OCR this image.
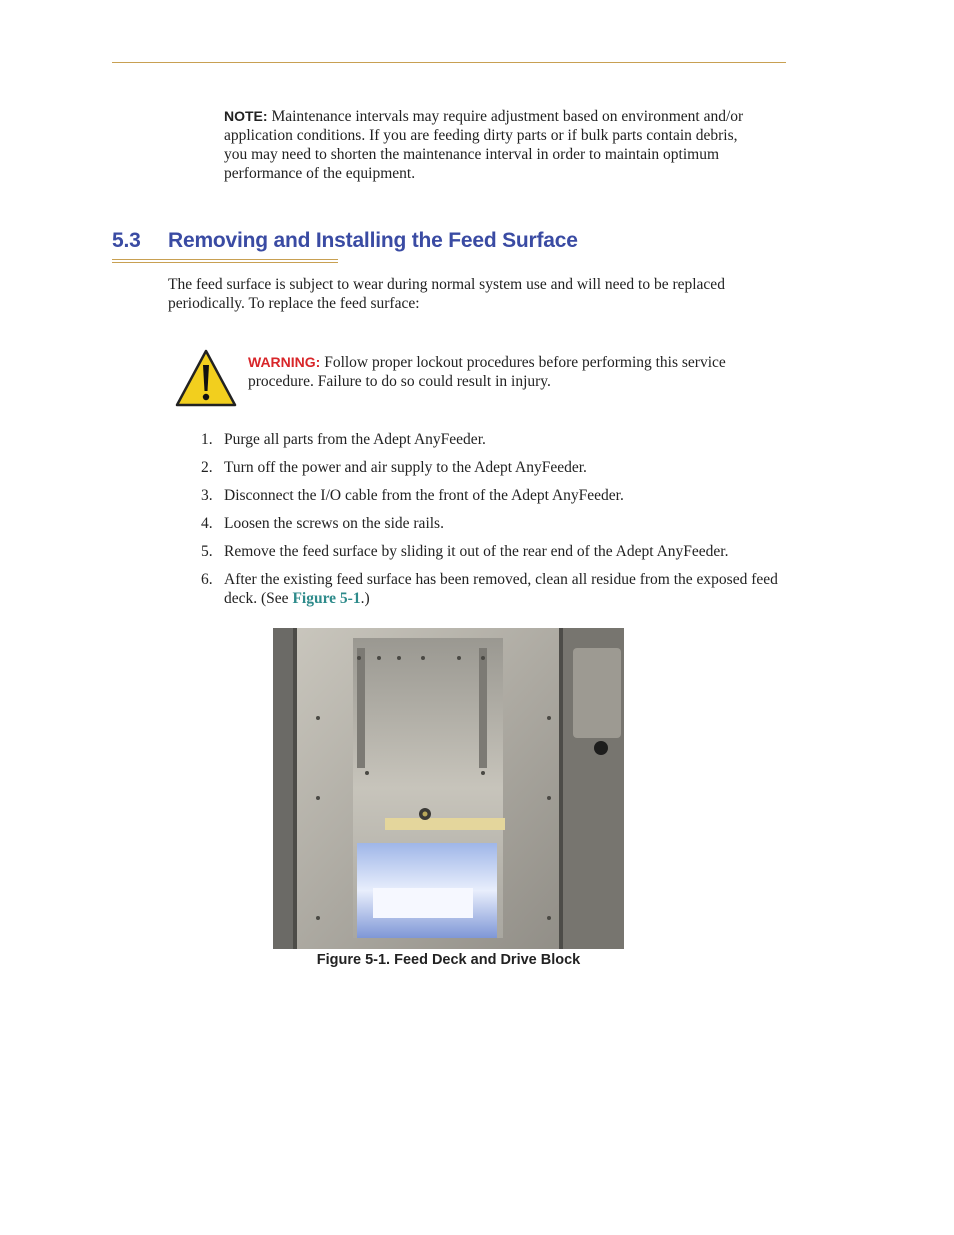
NOTE: Maintenance intervals may require adjustment based on environment and/or application conditions. If you are feeding dirty parts or if bulk parts contain debris, you may need to shorten the maintenance interval in order to maintain optimum performance of the equipment.
5.3 Removing and Installing the Feed Surface
The feed surface is subject to wear during normal system use and will need to be replaced periodically. To replace the feed surface:
WARNING: Follow proper lockout procedures before performing this service procedure. Failure to do so could result in injury.
1. Purge all parts from the Adept AnyFeeder.
2. Turn off the power and air supply to the Adept AnyFeeder.
3. Disconnect the I/O cable from the front of the Adept AnyFeeder.
4. Loosen the screws on the side rails.
5. Remove the feed surface by sliding it out of the rear end of the Adept AnyFeeder.
6. After the existing feed surface has been removed, clean all residue from the exposed feed deck. (See Figure 5-1.)
Figure 5-1. Feed Deck and Drive Block
